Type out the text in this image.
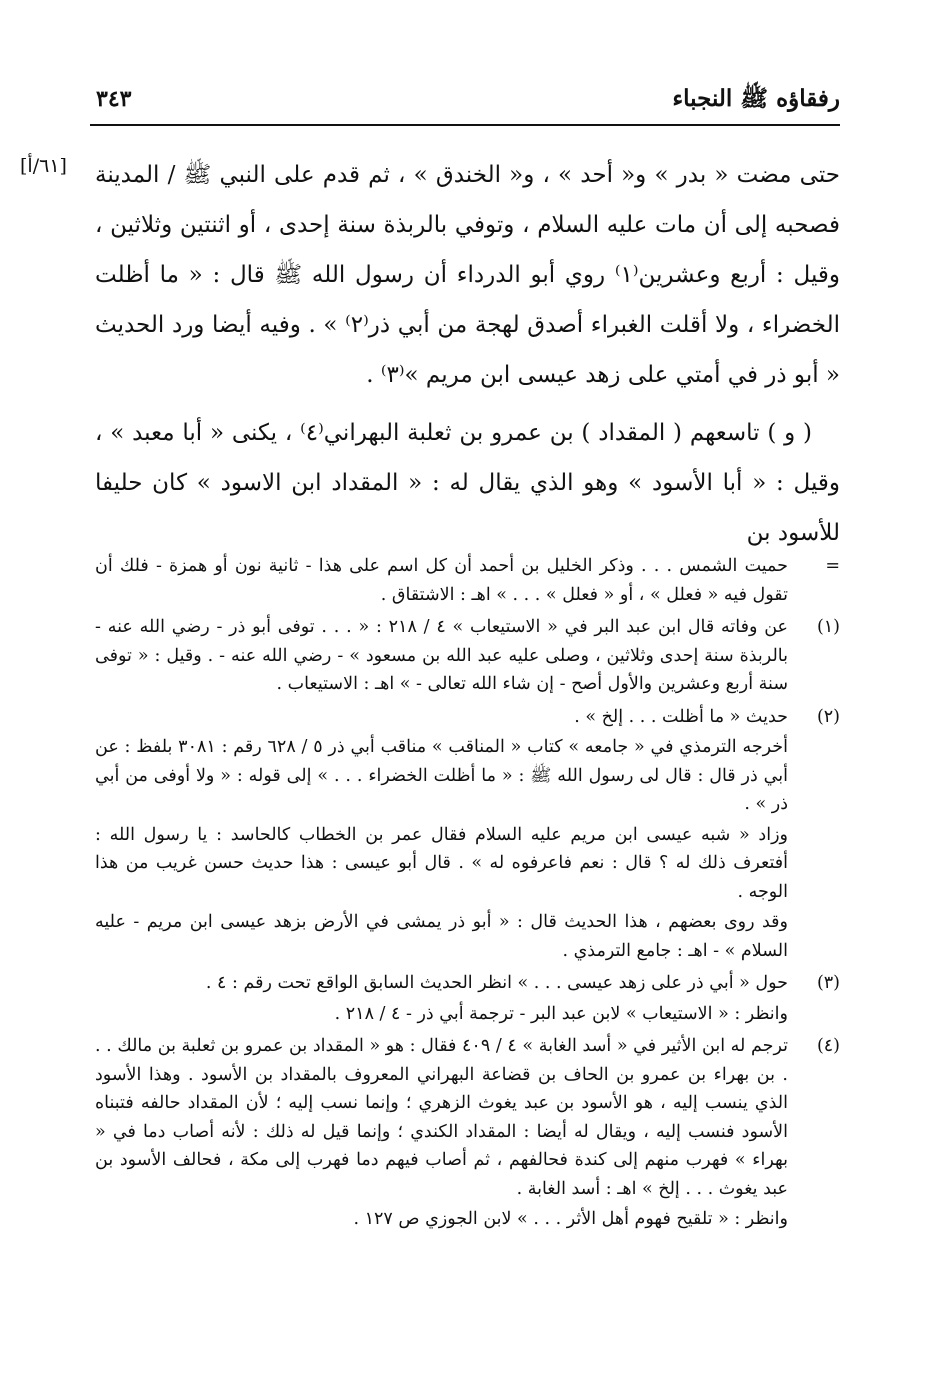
٣٤٣	رفقاؤه ﷺ النجباء
[٦١/أ] حتى مضت « بدر » و« أحد » ، و« الخندق » ، ثم قدم على النبي ﷺ / المدينة فصحبه إلى أن مات عليه السلام ، وتوفي بالربذة سنة إحدى ، أو اثنتين وثلاثين ، وقيل : أربع وعشرين⁽١⁾ روي أبو الدرداء أن رسول الله ﷺ قال : « ما أظلت الخضراء ، ولا أقلت الغبراء أصدق لهجة من أبي ذر⁽٢⁾ » . وفيه أيضا ورد الحديث « أبو ذر في أمتي على زهد عيسى ابن مريم »⁽٣⁾ .

( و ) تاسعهم ( المقداد ) بن عمرو بن ثعلبة البهراني⁽٤⁾ ، يكنى « أبا معبد » ، وقيل : « أبا الأسود » وهو الذي يقال له : « المقداد ابن الاسود » كان حليفا للأسود بن

=

حميت الشمس . . . وذكر الخليل بن أحمد أن كل اسم على هذا - ثانية نون أو همزة - فلك أن تقول فيه « فعلل » ، أو « فعلل » . . . » اهـ : الاشتقاق .

(١)

عن وفاته قال ابن عبد البر في « الاستيعاب » ٤ / ٢١٨ : « . . . توفى أبو ذر - رضي الله عنه - بالربذة سنة إحدى وثلاثين ، وصلى عليه عبد الله بن مسعود » - رضي الله عنه - . وقيل : « توفى سنة أربع وعشرين والأول أصح - إن شاء الله تعالى - » اهـ : الاستيعاب .

(٢)

حديث « ما أظلت . . . إلخ » .

أخرجه الترمذي في « جامعه » كتاب « المناقب » مناقب أبي ذر ٥ / ٦٢٨ رقم : ٣٠٨١ بلفظ : عن أبي ذر قال : قال لى رسول الله ﷺ : « ما أظلت الخضراء . . . » إلى قوله : « ولا أوفى من أبي ذر » .

وزاد « شبه عيسى ابن مريم عليه السلام فقال عمر بن الخطاب كالحاسد : يا رسول الله : أفتعرف ذلك له ؟ قال : نعم فاعرفوه له » . قال أبو عيسى : هذا حديث حسن غريب من هذا الوجه .

وقد روى بعضهم ، هذا الحديث قال : « أبو ذر يمشى في الأرض بزهد عيسى ابن مريم - عليه السلام » - اهـ : جامع الترمذي .

(٣)

حول « أبي ذر على زهد عيسى . . . » انظر الحديث السابق الواقع تحت رقم : ٤ .

وانظر : « الاستيعاب » لابن عبد البر - ترجمة أبي ذر - ٤ / ٢١٨ .

(٤)

ترجم له ابن الأثير في « أسد الغابة » ٤ / ٤٠٩ فقال : هو « المقداد بن عمرو بن ثعلبة بن مالك . . . بن بهراء بن عمرو بن الحاف بن قضاعة البهراني المعروف بالمقداد بن الأسود . وهذا الأسود الذي ينسب إليه ، هو الأسود بن عبد يغوث الزهري ؛ وإنما نسب إليه ؛ لأن المقداد حالفه فتبناه الأسود فنسب إليه ، ويقال له أيضا : المقداد الكندي ؛ وإنما قيل له ذلك : لأنه أصاب دما في « بهراء » فهرب منهم إلى كندة فحالفهم ، ثم أصاب فيهم دما فهرب إلى مكة ، فحالف الأسود بن عبد يغوث . . . إلخ » اهـ : أسد الغابة .

وانظر : « تلقيح فهوم أهل الأثر . . . » لابن الجوزي ص ١٢٧ .
